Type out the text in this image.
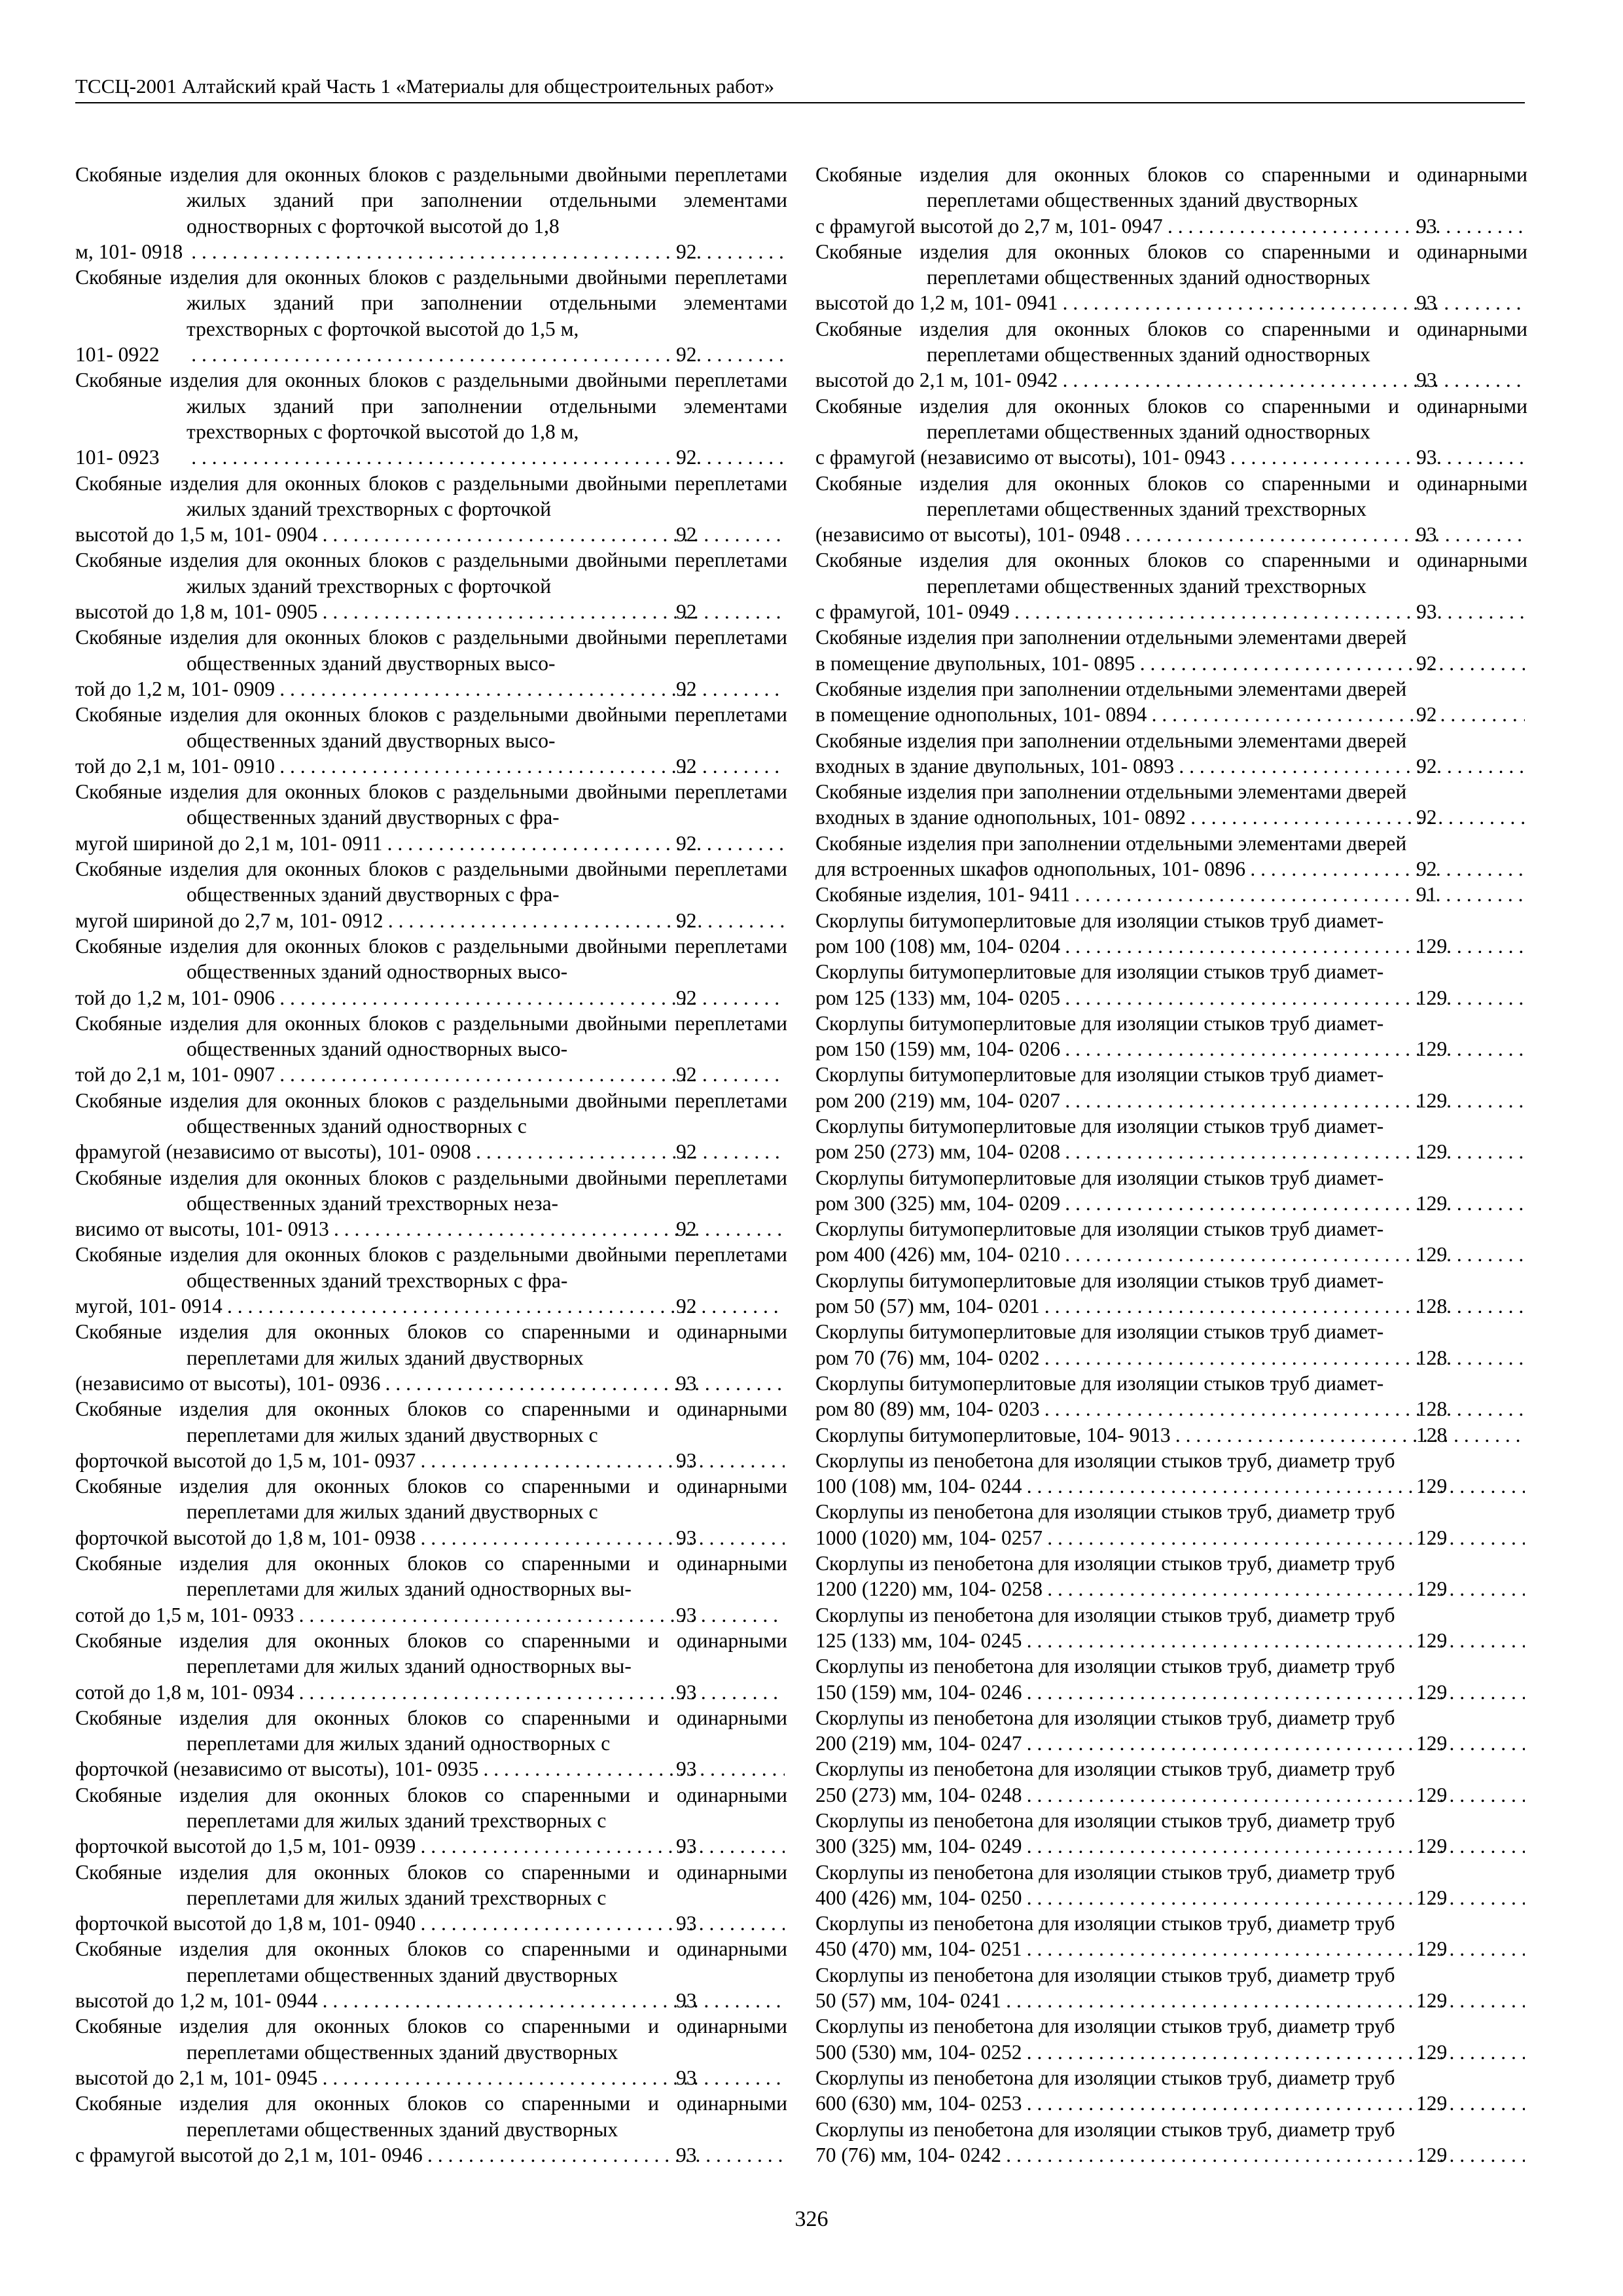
ТССЦ-2001 Алтайский край Часть 1 «Материалы для общестроительных работ»
Скобяные изделия для оконных блоков с раздельными двойными переплетами жилых зданий при заполнении отдельными элементами одностворных с форточкой высотой до 1,8
м, 101- 0918 . . .	92
Скобяные изделия для оконных блоков с раздельными двойными переплетами жилых зданий при заполнении отдельными элементами трехстворных с форточкой высотой до 1,5 м,
101- 0922 . . .	92
Скобяные изделия для оконных блоков с раздельными двойными переплетами жилых зданий при заполнении отдельными элементами трехстворных с форточкой высотой до 1,8 м,
101- 0923 . . .	92
Скобяные изделия для оконных блоков с раздельными двойными переплетами жилых зданий трехстворных с форточкой
высотой до 1,5 м, 101- 0904 . . .	92
Скобяные изделия для оконных блоков с раздельными двойными переплетами жилых зданий трехстворных с форточкой
высотой до 1,8 м, 101- 0905 . . .	92
Скобяные изделия для оконных блоков с раздельными двойными переплетами общественных зданий двустворных высо-
той до 1,2 м, 101- 0909 . . .	92
Скобяные изделия для оконных блоков с раздельными двойными переплетами общественных зданий двустворных высо-
той до 2,1 м, 101- 0910 . . .	92
Скобяные изделия для оконных блоков с раздельными двойными переплетами общественных зданий двустворных с фра-
мугой шириной до 2,1 м, 101- 0911 . . .	92
Скобяные изделия для оконных блоков с раздельными двойными переплетами общественных зданий двустворных с фра-
мугой шириной до 2,7 м, 101- 0912 . . .	92
Скобяные изделия для оконных блоков с раздельными двойными переплетами общественных зданий одностворных высо-
той до 1,2 м, 101- 0906 . . .	92
Скобяные изделия для оконных блоков с раздельными двойными переплетами общественных зданий одностворных высо-
той до 2,1 м, 101- 0907 . . .	92
Скобяные изделия для оконных блоков с раздельными двойными переплетами общественных зданий одностворных с
фрамугой (независимо от высоты), 101- 0908 . . .	92
Скобяные изделия для оконных блоков с раздельными двойными переплетами общественных зданий трехстворных неза-
висимо от высоты, 101- 0913 . . .	92
Скобяные изделия для оконных блоков с раздельными двойными переплетами общественных зданий трехстворных с фра-
мугой, 101- 0914 . . .	92
Скобяные изделия для оконных блоков со спаренными и одинарными переплетами для жилых зданий двустворных
(независимо от высоты), 101- 0936 . . .	93
Скобяные изделия для оконных блоков со спаренными и одинарными переплетами для жилых зданий двустворных с
форточкой высотой до 1,5 м, 101- 0937 . . .	93
Скобяные изделия для оконных блоков со спаренными и одинарными переплетами для жилых зданий двустворных с
форточкой высотой до 1,8 м, 101- 0938 . . .	93
Скобяные изделия для оконных блоков со спаренными и одинарными переплетами для жилых зданий одностворных вы-
сотой до 1,5 м, 101- 0933 . . .	93
Скобяные изделия для оконных блоков со спаренными и одинарными переплетами для жилых зданий одностворных вы-
сотой до 1,8 м, 101- 0934 . . .	93
Скобяные изделия для оконных блоков со спаренными и одинарными переплетами для жилых зданий одностворных с
форточкой (независимо от высоты), 101- 0935 . . .	93
Скобяные изделия для оконных блоков со спаренными и одинарными переплетами для жилых зданий трехстворных с
форточкой высотой до 1,5 м, 101- 0939 . . .	93
Скобяные изделия для оконных блоков со спаренными и одинарными переплетами для жилых зданий трехстворных с
форточкой высотой до 1,8 м, 101- 0940 . . .	93
Скобяные изделия для оконных блоков со спаренными и одинарными переплетами общественных зданий двустворных
высотой до 1,2 м, 101- 0944 . . .	93
Скобяные изделия для оконных блоков со спаренными и одинарными переплетами общественных зданий двустворных
высотой до 2,1 м, 101- 0945 . . .	93
Скобяные изделия для оконных блоков со спаренными и одинарными переплетами общественных зданий двустворных
с фрамугой высотой до 2,1 м, 101- 0946 . . .	93
Скобяные изделия для оконных блоков со спаренными и одинарными переплетами общественных зданий двустворных
с фрамугой высотой до 2,7 м, 101- 0947 . . .	93
Скобяные изделия для оконных блоков со спаренными и одинарными переплетами общественных зданий одностворных
высотой до 1,2 м, 101- 0941 . . .	93
Скобяные изделия для оконных блоков со спаренными и одинарными переплетами общественных зданий одностворных
высотой до 2,1 м, 101- 0942 . . .	93
Скобяные изделия для оконных блоков со спаренными и одинарными переплетами общественных зданий одностворных
с фрамугой (независимо от высоты), 101- 0943 . . .	93
Скобяные изделия для оконных блоков со спаренными и одинарными переплетами общественных зданий трехстворных
(независимо от высоты), 101- 0948 . . .	93
Скобяные изделия для оконных блоков со спаренными и одинарными переплетами общественных зданий трехстворных
с фрамугой, 101- 0949 . . .	93
Скобяные изделия при заполнении отдельными элементами дверей
в помещение двупольных, 101- 0895 . . .	92
Скобяные изделия при заполнении отдельными элементами дверей
в помещение однопольных, 101- 0894 . . .	92
Скобяные изделия при заполнении отдельными элементами дверей
входных в здание двупольных, 101- 0893 . . .	92
Скобяные изделия при заполнении отдельными элементами дверей
входных в здание однопольных, 101- 0892 . . .	92
Скобяные изделия при заполнении отдельными элементами дверей
для встроенных шкафов однопольных, 101- 0896 . . .	92
Скобяные изделия, 101- 9411 . . .	91
Скорлупы битумоперлитовые для изоляции стыков труб диамет-
ром 100 (108) мм, 104- 0204 . . .	129
Скорлупы битумоперлитовые для изоляции стыков труб диамет-
ром 125 (133) мм, 104- 0205 . . .	129
Скорлупы битумоперлитовые для изоляции стыков труб диамет-
ром 150 (159) мм, 104- 0206 . . .	129
Скорлупы битумоперлитовые для изоляции стыков труб диамет-
ром 200 (219) мм, 104- 0207 . . .	129
Скорлупы битумоперлитовые для изоляции стыков труб диамет-
ром 250 (273) мм, 104- 0208 . . .	129
Скорлупы битумоперлитовые для изоляции стыков труб диамет-
ром 300 (325) мм, 104- 0209 . . .	129
Скорлупы битумоперлитовые для изоляции стыков труб диамет-
ром 400 (426) мм, 104- 0210 . . .	129
Скорлупы битумоперлитовые для изоляции стыков труб диамет-
ром 50 (57) мм, 104- 0201 . . .	128
Скорлупы битумоперлитовые для изоляции стыков труб диамет-
ром 70 (76) мм, 104- 0202 . . .	128
Скорлупы битумоперлитовые для изоляции стыков труб диамет-
ром 80 (89) мм, 104- 0203 . . .	128
Скорлупы битумоперлитовые, 104- 9013 . . .	128
Скорлупы из пенобетона для изоляции стыков труб, диаметр труб
100 (108) мм, 104- 0244 . . .	129
Скорлупы из пенобетона для изоляции стыков труб, диаметр труб
1000 (1020) мм, 104- 0257 . . .	129
Скорлупы из пенобетона для изоляции стыков труб, диаметр труб
1200 (1220) мм, 104- 0258 . . .	129
Скорлупы из пенобетона для изоляции стыков труб, диаметр труб
125 (133) мм, 104- 0245 . . .	129
Скорлупы из пенобетона для изоляции стыков труб, диаметр труб
150 (159) мм, 104- 0246 . . .	129
Скорлупы из пенобетона для изоляции стыков труб, диаметр труб
200 (219) мм, 104- 0247 . . .	129
Скорлупы из пенобетона для изоляции стыков труб, диаметр труб
250 (273) мм, 104- 0248 . . .	129
Скорлупы из пенобетона для изоляции стыков труб, диаметр труб
300 (325) мм, 104- 0249 . . .	129
Скорлупы из пенобетона для изоляции стыков труб, диаметр труб
400 (426) мм, 104- 0250 . . .	129
Скорлупы из пенобетона для изоляции стыков труб, диаметр труб
450 (470) мм, 104- 0251 . . .	129
Скорлупы из пенобетона для изоляции стыков труб, диаметр труб
50 (57) мм, 104- 0241 . . .	129
Скорлупы из пенобетона для изоляции стыков труб, диаметр труб
500 (530) мм, 104- 0252 . . .	129
Скорлупы из пенобетона для изоляции стыков труб, диаметр труб
600 (630) мм, 104- 0253 . . .	129
Скорлупы из пенобетона для изоляции стыков труб, диаметр труб
70 (76) мм, 104- 0242 . . .	129
326
